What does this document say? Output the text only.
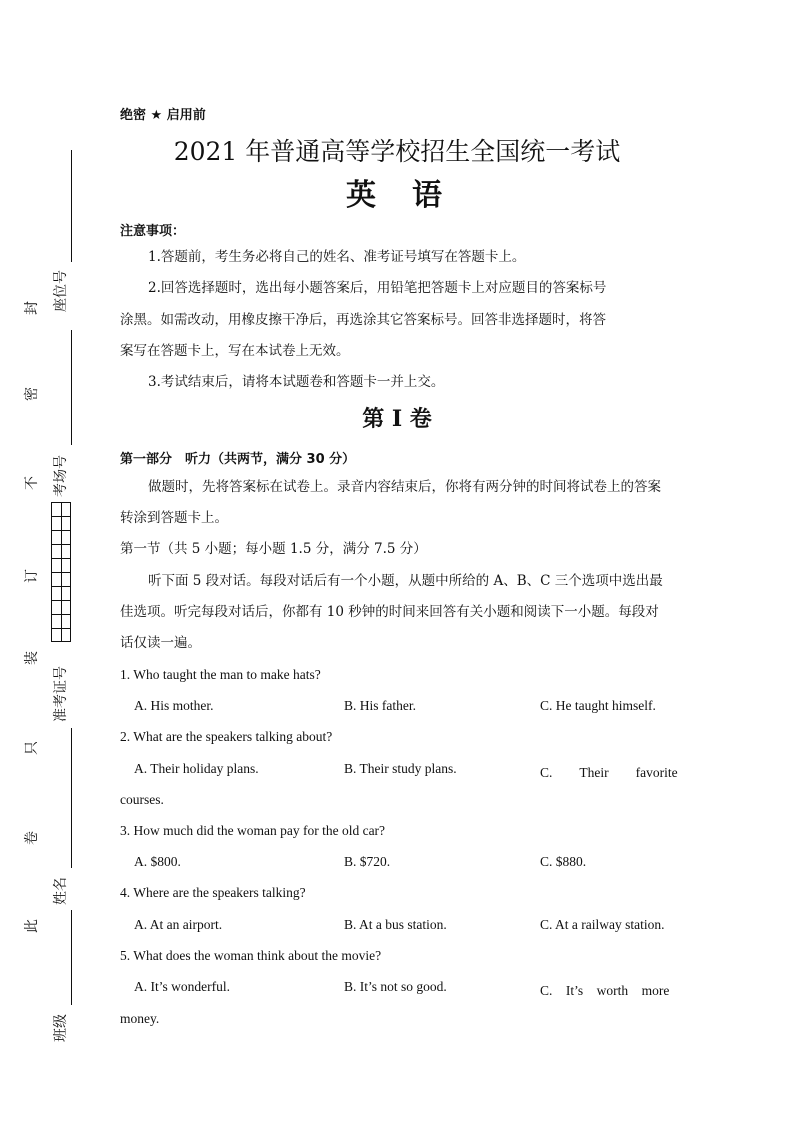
封
密
不
订
装
只
卷
此
座位号
考场号
准考证号
姓名
班级
绝密 ★ 启用前
2021 年普通高等学校招生全国统一考试
英语
注意事项：
1.答题前，考生务必将自己的姓名、准考证号填写在答题卡上。
2.回答选择题时，选出每小题答案后，用铅笔把答题卡上对应题目的答案标号
涂黑。如需改动，用橡皮擦干净后，再选涂其它答案标号。回答非选择题时，将答
案写在答题卡上，写在本试卷上无效。
3.考试结束后，请将本试题卷和答题卡一并上交。
第 I 卷
第一部分　听力（共两节，满分 30 分）
做题时，先将答案标在试卷上。录音内容结束后，你将有两分钟的时间将试卷上的答案
转涂到答题卡上。
第一节（共 5 小题；每小题 1.5 分，满分 7.5 分）
听下面 5 段对话。每段对话后有一个小题，从题中所给的 A、B、C 三个选项中选出最
佳选项。听完每段对话后，你都有 10 秒钟的时间来回答有关小题和阅读下一小题。每段对
话仅读一遍。
1. Who taught the man to make hats?
A. His mother.	B. His father.	C. He taught himself.
2. What are the speakers talking about?
A. Their holiday plans.	B. Their study plans.	C.　　Their　　favorite
courses.
3. How much did the woman pay for the old car?
A. $800.	B. $720.	C. $880.
4. Where are the speakers talking?
A. At an airport.	B. At a bus station.	C. At a railway station.
5. What does the woman think about the movie?
A. It’s wonderful.	B. It’s not so good.	C.　It’s　worth　more
money.
